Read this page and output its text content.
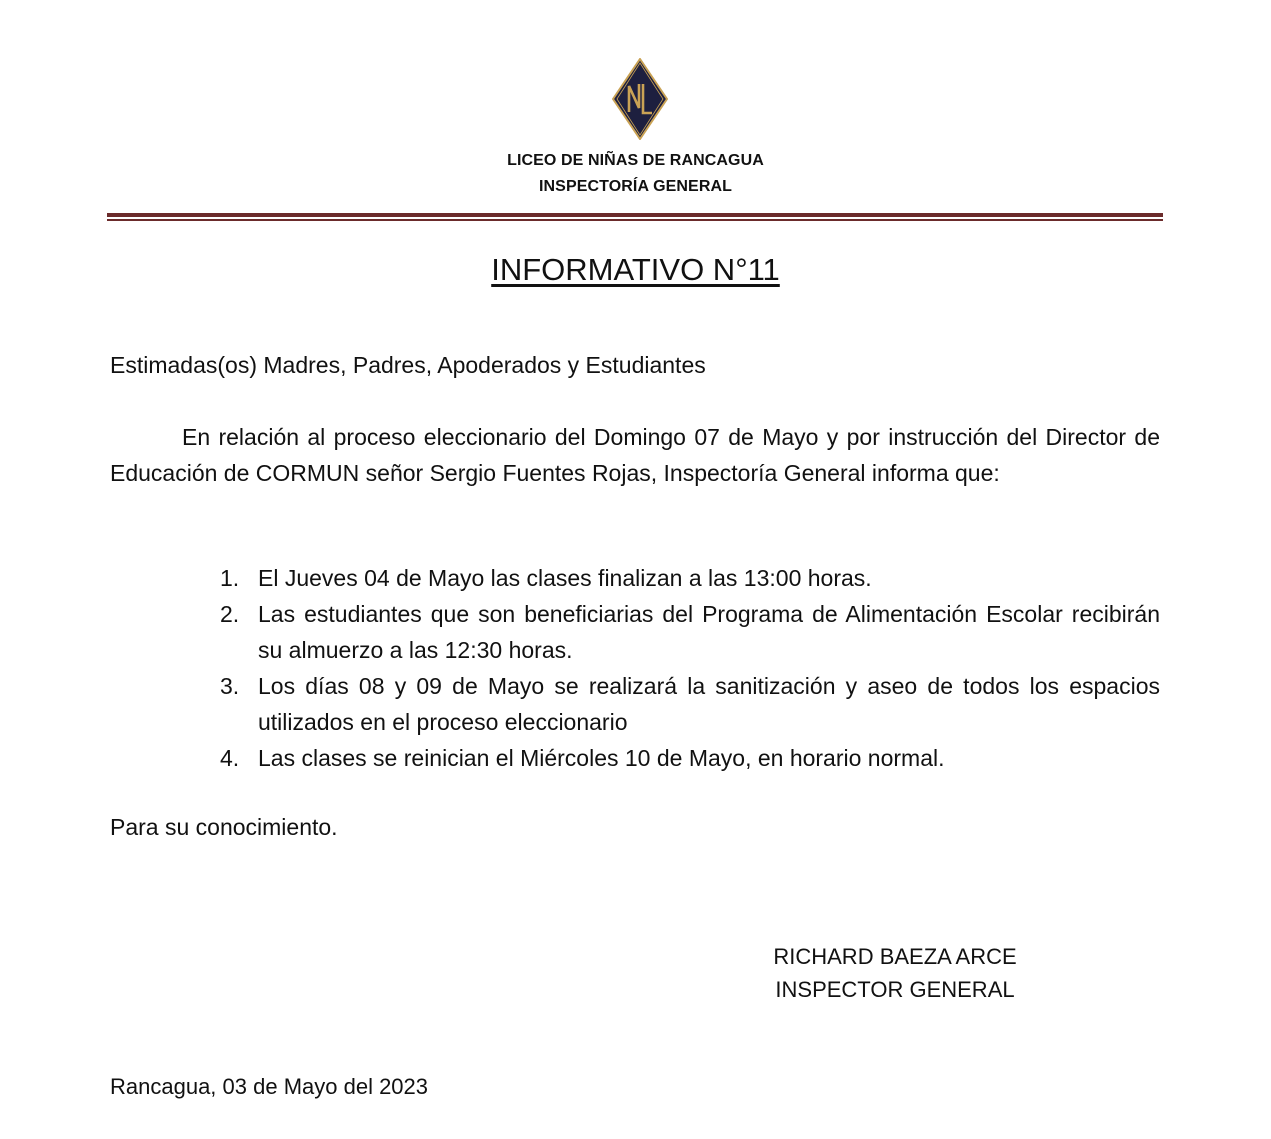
LICEO DE NIÑAS DE RANCAGUA
INSPECTORÍA GENERAL
INFORMATIVO N°11
Estimadas(os) Madres, Padres, Apoderados y Estudiantes
En relación al proceso eleccionario del Domingo 07 de Mayo y por instrucción del Director de Educación de CORMUN señor Sergio Fuentes Rojas, Inspectoría General informa que:
1. El Jueves 04 de Mayo las clases finalizan a las 13:00 horas.
2. Las estudiantes que son beneficiarias del Programa de Alimentación Escolar recibirán su almuerzo a las 12:30 horas.
3. Los días 08 y 09 de Mayo se realizará la sanitización y aseo de todos los espacios utilizados en el proceso eleccionario
4. Las clases se reinician el Miércoles 10 de Mayo, en horario normal.
Para su conocimiento.
RICHARD BAEZA ARCE
INSPECTOR GENERAL
Rancagua, 03 de Mayo del 2023
